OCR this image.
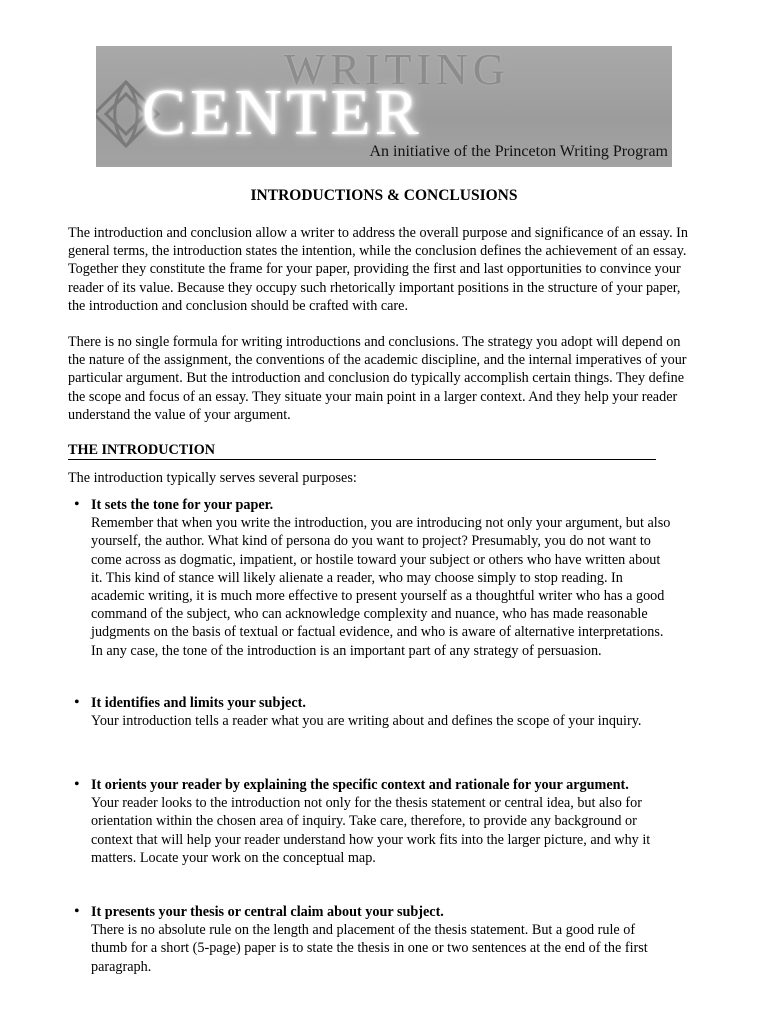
WRITING
CENTER
An initiative of the Princeton Writing Program
INTRODUCTIONS & CONCLUSIONS
The introduction and conclusion allow a writer to address the overall purpose and significance of an essay. In general terms, the introduction states the intention, while the conclusion defines the achievement of an essay. Together they constitute the frame for your paper, providing the first and last opportunities to convince your reader of its value. Because they occupy such rhetorically important positions in the structure of your paper, the introduction and conclusion should be crafted with care.
There is no single formula for writing introductions and conclusions. The strategy you adopt will depend on the nature of the assignment, the conventions of the academic discipline, and the internal imperatives of your particular argument. But the introduction and conclusion do typically accomplish certain things. They define the scope and focus of an essay. They situate your main point in a larger context. And they help your reader understand the value of your argument.
THE INTRODUCTION
The introduction typically serves several purposes:
• It sets the tone for your paper.
Remember that when you write the introduction, you are introducing not only your argument, but also yourself, the author. What kind of persona do you want to project? Presumably, you do not want to come across as dogmatic, impatient, or hostile toward your subject or others who have written about it. This kind of stance will likely alienate a reader, who may choose simply to stop reading. In academic writing, it is much more effective to present yourself as a thoughtful writer who has a good command of the subject, who can acknowledge complexity and nuance, who has made reasonable judgments on the basis of textual or factual evidence, and who is aware of alternative interpretations. In any case, the tone of the introduction is an important part of any strategy of persuasion.
• It identifies and limits your subject.
Your introduction tells a reader what you are writing about and defines the scope of your inquiry.
• It orients your reader by explaining the specific context and rationale for your argument.
Your reader looks to the introduction not only for the thesis statement or central idea, but also for orientation within the chosen area of inquiry. Take care, therefore, to provide any background or context that will help your reader understand how your work fits into the larger picture, and why it matters. Locate your work on the conceptual map.
• It presents your thesis or central claim about your subject.
There is no absolute rule on the length and placement of the thesis statement. But a good rule of thumb for a short (5-page) paper is to state the thesis in one or two sentences at the end of the first paragraph.
